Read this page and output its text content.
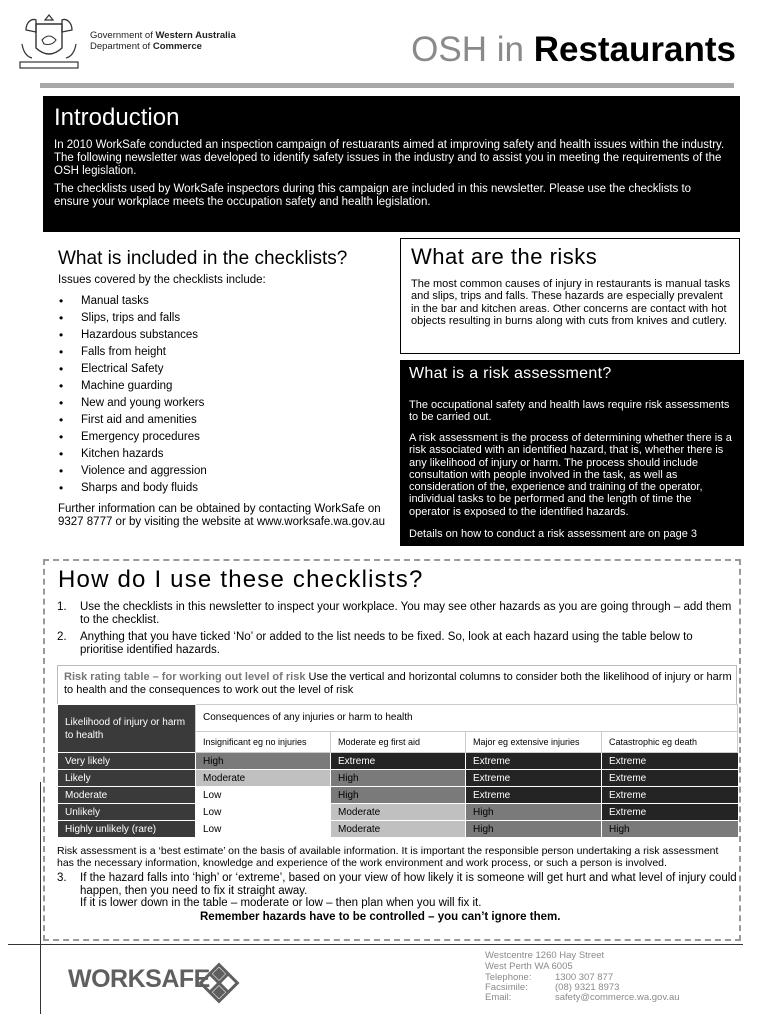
Government of Western Australia
Department of Commerce	OSH in Restaurants
Introduction

In 2010 WorkSafe conducted an inspection campaign of restuarants aimed at improving safety and health issues within the industry. The following newsletter was developed to identify safety issues in the industry and to assist you in meeting the requirements of the OSH legislation.

The checklists used by WorkSafe inspectors during this campaign are included in this newsletter. Please use the checklists to ensure your workplace meets the occupation safety and health legislation.

What is included in the checklists?
Issues covered by the checklists include:
• Manual tasks
• Slips, trips and falls
• Hazardous substances
• Falls from height
• Electrical Safety
• Machine guarding
• New and young workers
• First aid and amenities
• Emergency procedures
• Kitchen hazards
• Violence and aggression
• Sharps and body fluids

Further information can be obtained by contacting WorkSafe on 9327 8777 or by visiting the website at www.worksafe.wa.gov.au

What are the risks

The most common causes of injury in restaurants is manual tasks and slips, trips and falls. These hazards are especially prevalent in the bar and kitchen areas. Other concerns are contact with hot objects resulting in burns along with cuts from knives and cutlery.

What is a risk assessment?

The occupational safety and health laws require risk assessments to be carried out.

A risk assessment is the process of determining whether there is a risk associated with an identified hazard, that is, whether there is any likelihood of injury or harm. The process should include consultation with people involved in the task, as well as consideration of the, experience and training of the operator, individual tasks to be performed and the length of time the operator is exposed to the identified hazards.

Details on how to conduct a risk assessment are on page 3

How do I use these checklists?
1. Use the checklists in this newsletter to inspect your workplace. You may see other hazards as you are going through – add them to the checklist.
2. Anything that you have ticked ‘No’ or added to the list needs to be fixed. So, look at each hazard using the table below to prioritise identified hazards.
Risk rating table – for working out level of risk Use the vertical and horizontal columns to consider both the likelihood of injury or harm to health and the consequences to work out the level of risk
Likelihood of injury or harm to health	Consequences of any injuries or harm to health			
	Insignificant eg no injuries	Moderate eg first aid	Major eg extensive injuries	Catastrophic eg death
Very likely	High	Extreme	Extreme	Extreme
Likely	Moderate	High	Extreme	Extreme
Moderate	Low	High	Extreme	Extreme
Unlikely	Low	Moderate	High	Extreme
Highly unlikely (rare)	Low	Moderate	High	High
Risk assessment is a ‘best estimate’ on the basis of available information. It is important the responsible person undertaking a risk assessment has the necessary information, knowledge and experience of the work environment and work process, or such a person is involved.
3. If the hazard falls into ‘high’ or ‘extreme’, based on your view of how likely it is someone will get hurt and what level of injury could happen, then you need to fix it straight away.
If it is lower down in the table – moderate or low – then plan when you will fix it.
Remember hazards have to be controlled – you can’t ignore them.
WORKSAFE
Westcentre 1260 Hay Street
West Perth WA 6005
Telephone: 1300 307 877
Facsimile:	(08) 9321 8973
Email:	safety@commerce.wa.gov.au
